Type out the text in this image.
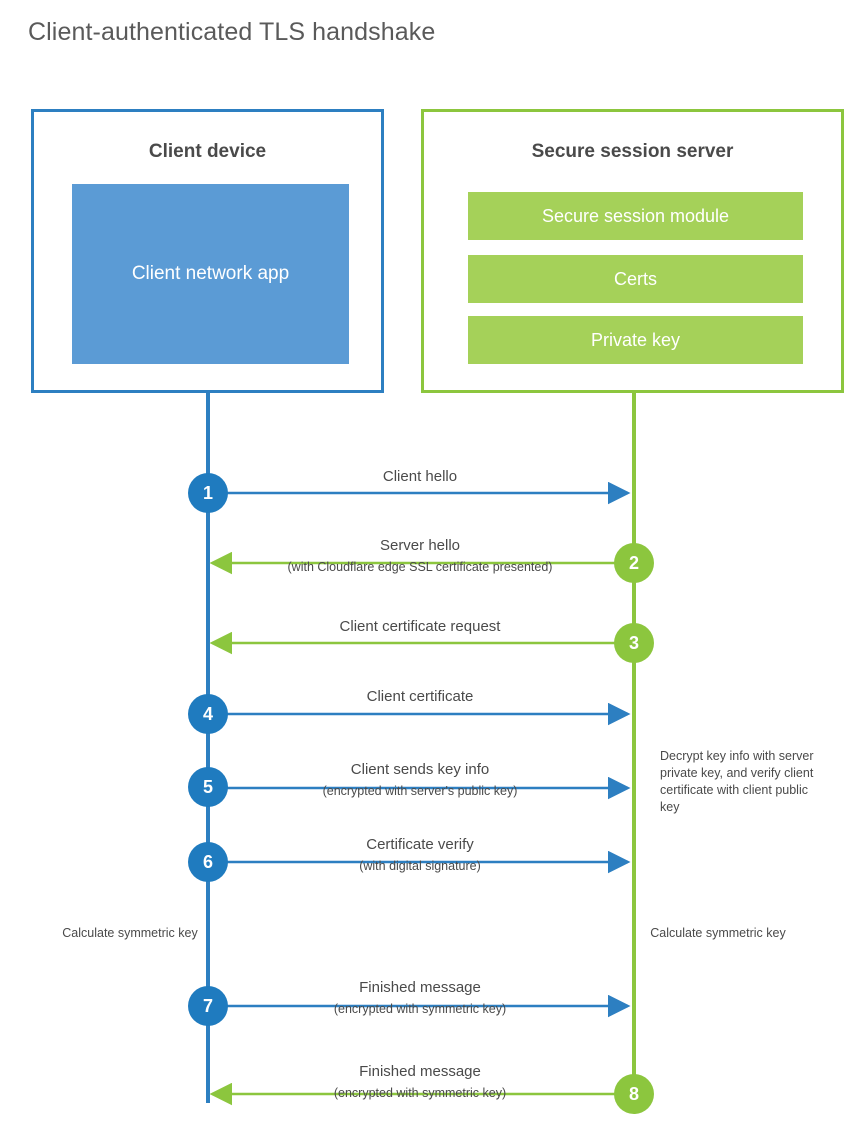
Client-authenticated TLS handshake
Client device
Client network app
Secure session server
Secure session module
Certs
Private key
1
Client hello
2
Server hello
(with Cloudflare edge SSL certificate presented)
3
Client certificate request
4
Client certificate
5
Client sends key info
(encrypted with server's public key)
6
Certificate verify
(with digital signature)
7
Finished message
(encrypted with symmetric key)
8
Finished message
(encrypted with symmetric key)
Decrypt key info with server private key, and verify client certificate with client public key
Calculate symmetric key	Calculate symmetric key
